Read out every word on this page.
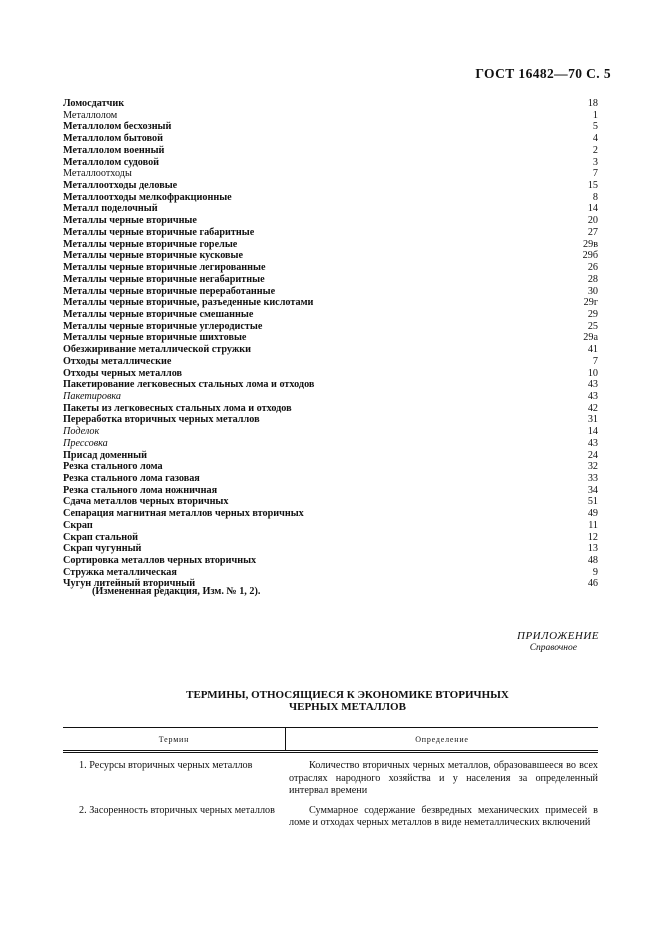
ГОСТ 16482—70 С. 5
Ломосдатчик	18
Металлолом	1
Металлолом бесхозный	5
Металлолом бытовой	4
Металлолом военный	2
Металлолом судовой	3
Металлоотходы	7
Металлоотходы деловые	15
Металлоотходы мелкофракционные	8
Металл поделочный	14
Металлы черные вторичные	20
Металлы черные вторичные габаритные	27
Металлы черные вторичные горелые	29в
Металлы черные вторичные кусковые	29б
Металлы черные вторичные легированные	26
Металлы черные вторичные негабаритные	28
Металлы черные вторичные переработанные	30
Металлы черные вторичные, разъеденные кислотами	29г
Металлы черные вторичные смешанные	29
Металлы черные вторичные углеродистые	25
Металлы черные вторичные шихтовые	29а
Обезжиривание металлической стружки	41
Отходы металлические	7
Отходы черных металлов	10
Пакетирование легковесных стальных лома и отходов	43
Пакетировка	43
Пакеты из легковесных стальных лома и отходов	42
Переработка вторичных черных металлов	31
Поделок	14
Прессовка	43
Присад доменный	24
Резка стального лома	32
Резка стального лома газовая	33
Резка стального лома ножничная	34
Сдача металлов черных вторичных	51
Сепарация магнитная металлов черных вторичных	49
Скрап	11
Скрап стальной	12
Скрап чугунный	13
Сортировка металлов черных вторичных	48
Стружка металлическая	9
Чугун литейный вторичный	46
(Измененная редакция, Изм. № 1, 2).
ПРИЛОЖЕНИЕ
Справочное
ТЕРМИНЫ, ОТНОСЯЩИЕСЯ К ЭКОНОМИКЕ ВТОРИЧНЫХ
ЧЕРНЫХ МЕТАЛЛОВ
Термин	Определение
1. Ресурсы вторичных черных металлов	Количество вторичных черных металлов, образовавшееся во всех отраслях народного хозяйства и у населения за определенный интервал времени
2. Засоренность вторичных черных металлов	Суммарное содержание безвредных механических примесей в ломе и отходах черных металлов в виде неметаллических включений
